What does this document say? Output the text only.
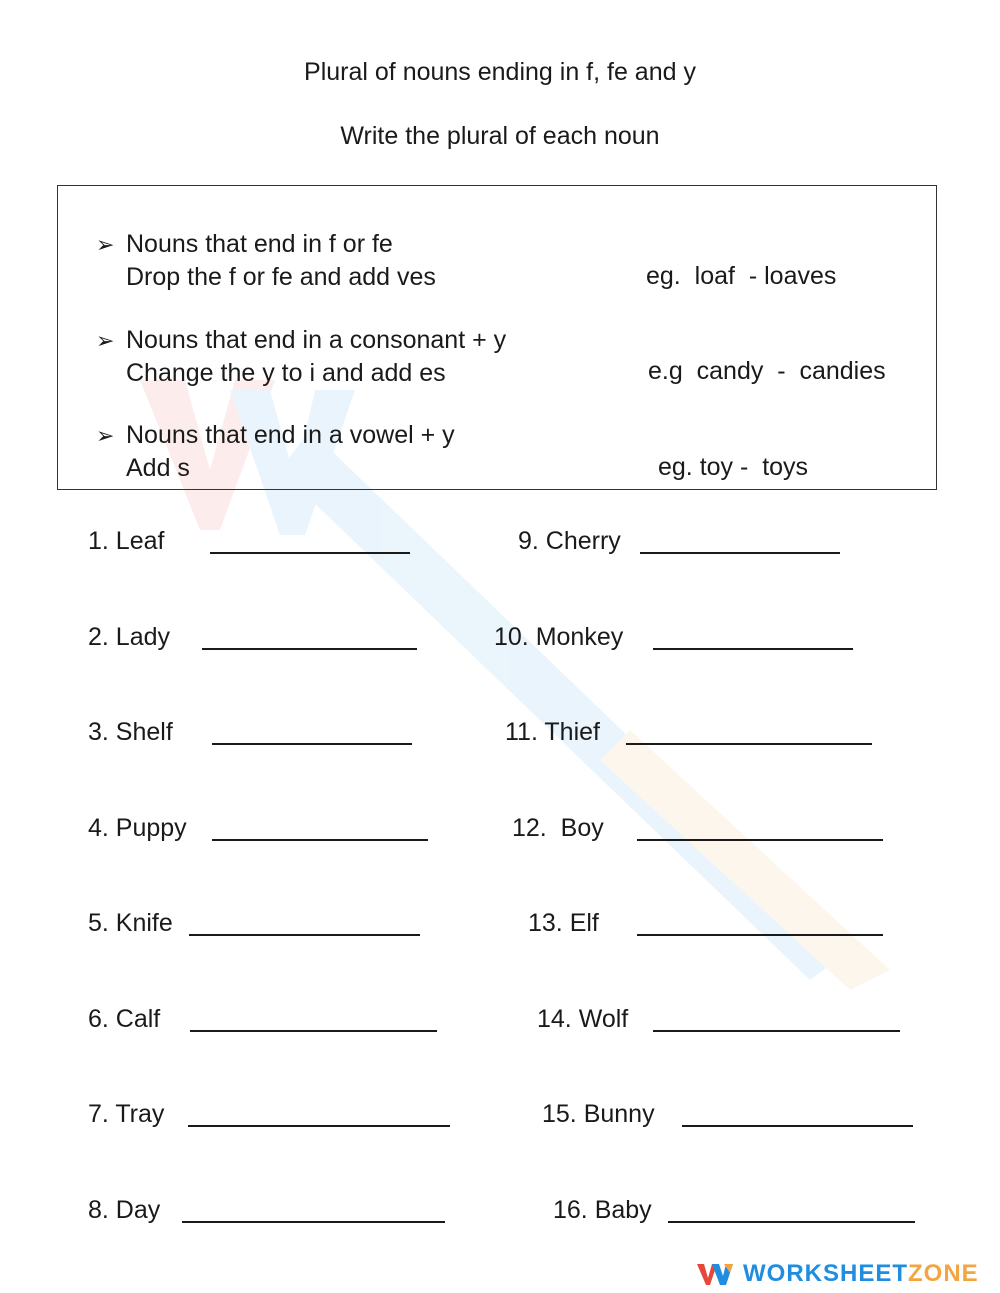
Plural of nouns ending in f, fe and y
Write the plural of each noun
➢ Nouns that end in f or fe
Drop the f or fe and add ves	eg.  loaf  - loaves
➢ Nouns that end in a consonant + y
Change the y to i and add es	e.g  candy  -  candies
➢ Nouns that end in a vowel + y
Add s	eg. toy -  toys
1. Leaf
2. Lady
3. Shelf
4. Puppy
5. Knife
6. Calf
7. Tray
8. Day
9. Cherry
10. Monkey
11. Thief
12.  Boy
13. Elf
14. Wolf
15. Bunny
16. Baby
WORKSHEETZONE
